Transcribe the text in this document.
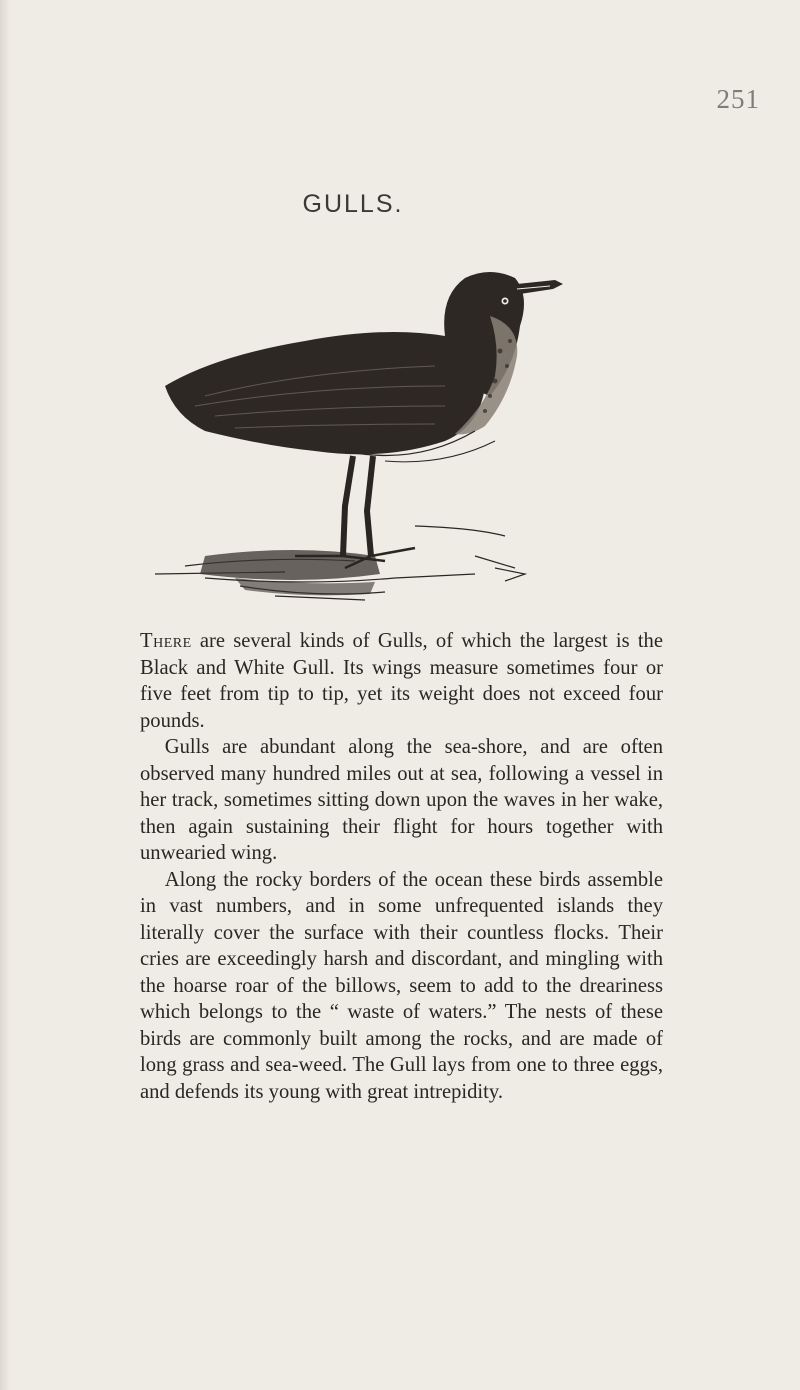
251
GULLS.

There are several kinds of Gulls, of which the largest is the Black and White Gull. Its wings measure sometimes four or five feet from tip to tip, yet its weight does not exceed four pounds.

Gulls are abundant along the sea-shore, and are often observed many hundred miles out at sea, following a vessel in her track, sometimes sitting down upon the waves in her wake, then again sustaining their flight for hours together with unwearied wing.

Along the rocky borders of the ocean these birds assemble in vast numbers, and in some unfrequented islands they literally cover the surface with their countless flocks. Their cries are exceedingly harsh and discordant, and mingling with the hoarse roar of the billows, seem to add to the dreariness which belongs to the “ waste of waters.” The nests of these birds are commonly built among the rocks, and are made of long grass and sea-weed. The Gull lays from one to three eggs, and defends its young with great intrepidity.
